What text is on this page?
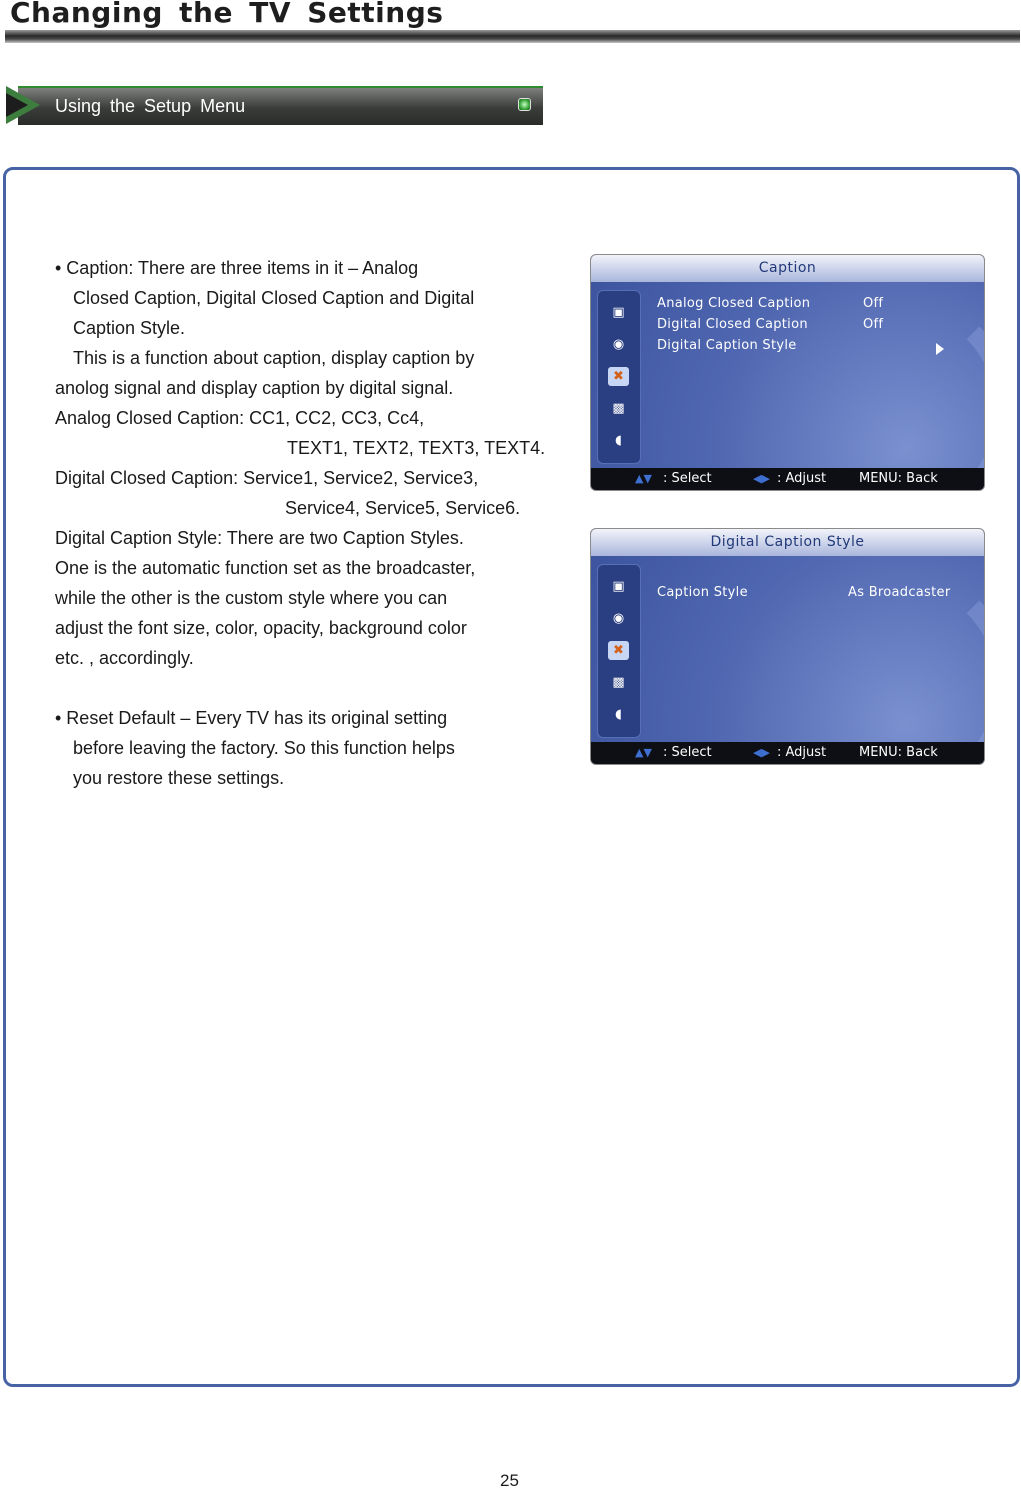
Changing the TV Settings
Using the Setup Menu
• Caption: There are three items in it – Analog
Closed Caption, Digital Closed Caption and Digital
Caption Style.
This is a function about caption, display caption by
anolog signal and display caption by digital signal.
Analog Closed Caption: CC1, CC2, CC3, Cc4,
TEXT1, TEXT2, TEXT3, TEXT4.
Digital Closed Caption: Service1, Service2, Service3,
Service4, Service5, Service6.
Digital Caption Style: There are two Caption Styles.
One is the automatic function set as the broadcaster,
while the other is the custom style where you can
adjust the font size, color, opacity, background color
etc. , accordingly.
• Reset Default – Every TV has its original setting
before leaving the factory. So this function helps
you restore these settings.
Caption
▣
◉
✖
▩
◖
Analog Closed Caption	Off
Digital Closed Caption	Off
Digital Caption Style
▲▼ : Select	◀▶ : Adjust	MENU: Back
Digital Caption Style
▣
◉
✖
▩
◖
Caption Style	As Broadcaster
▲▼ : Select	◀▶ : Adjust	MENU: Back
25
